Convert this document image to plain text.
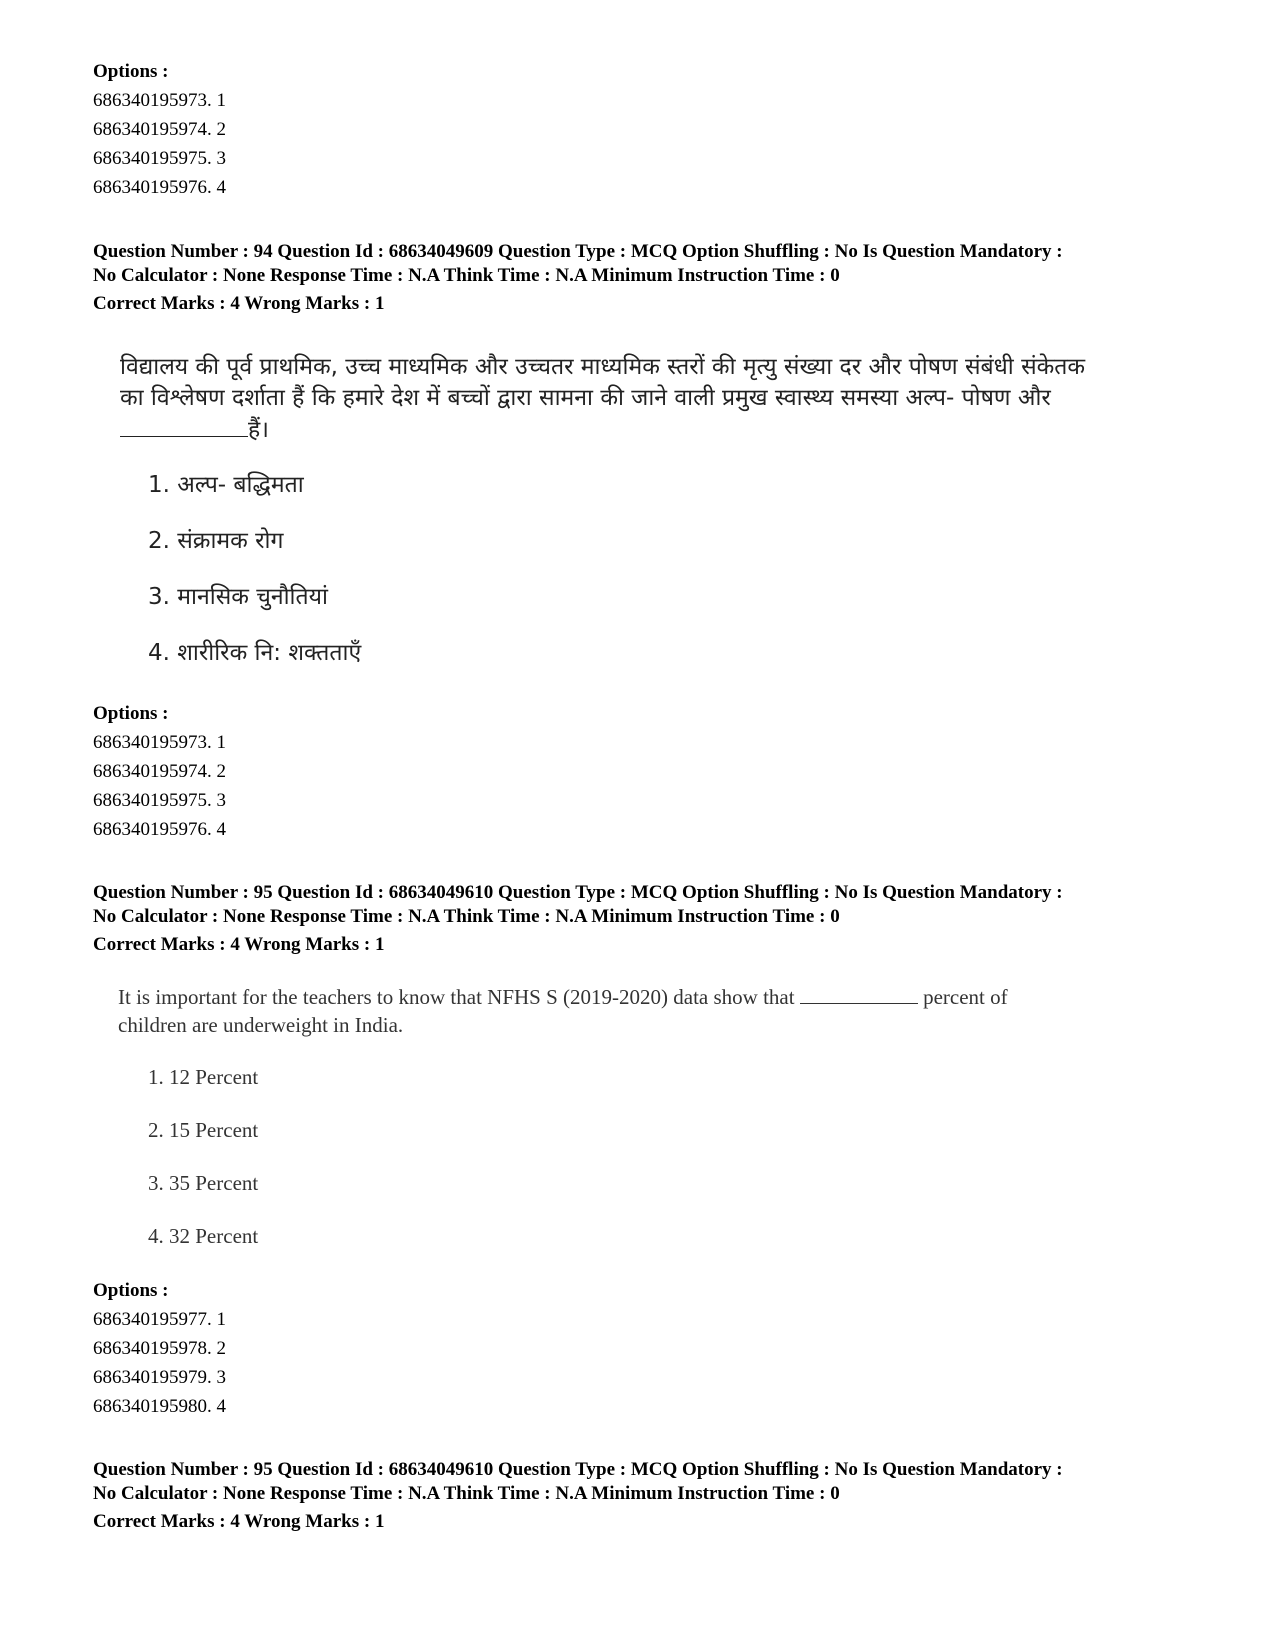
Options :
686340195973. 1
686340195974. 2
686340195975. 3
686340195976. 4
Question Number : 94 Question Id : 68634049609 Question Type : MCQ Option Shuffling : No Is Question Mandatory :
No Calculator : None Response Time : N.A Think Time : N.A Minimum Instruction Time : 0
Correct Marks : 4 Wrong Marks : 1
विद्यालय की पूर्व प्राथमिक, उच्च माध्यमिक और उच्चतर माध्यमिक स्तरों की मृत्यु संख्या दर और पोषण संबंधी संकेतक
का विश्लेषण दर्शाता हैं कि हमारे देश में बच्चों द्वारा सामना की जाने वाली प्रमुख स्वास्थ्य समस्या अल्प- पोषण और
हैं।
1. अल्प- बद्धिमता
2. संक्रामक रोग
3. मानसिक चुनौतियां
4. शारीरिक नि: शक्तताएँ
Options :
686340195973. 1
686340195974. 2
686340195975. 3
686340195976. 4
Question Number : 95 Question Id : 68634049610 Question Type : MCQ Option Shuffling : No Is Question Mandatory :
No Calculator : None Response Time : N.A Think Time : N.A Minimum Instruction Time : 0
Correct Marks : 4 Wrong Marks : 1
It is important for the teachers to know that NFHS S (2019-2020) data show that	percent of
children are underweight in India.
1. 12 Percent
2. 15 Percent
3. 35 Percent
4. 32 Percent
Options :
686340195977. 1
686340195978. 2
686340195979. 3
686340195980. 4
Question Number : 95 Question Id : 68634049610 Question Type : MCQ Option Shuffling : No Is Question Mandatory :
No Calculator : None Response Time : N.A Think Time : N.A Minimum Instruction Time : 0
Correct Marks : 4 Wrong Marks : 1
